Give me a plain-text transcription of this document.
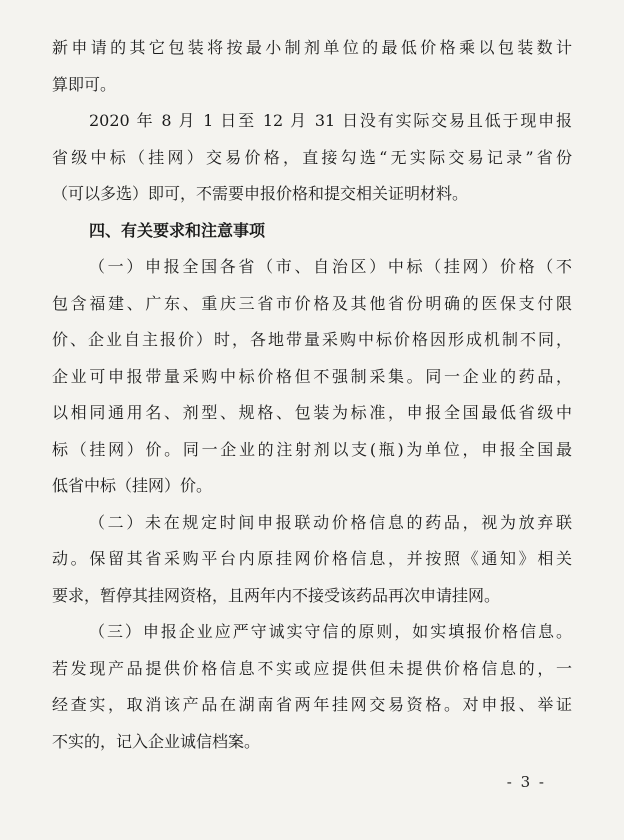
新申请的其它包装将按最小制剂单位的最低价格乘以包装数计
算即可。
2020 年 8 月 1 日至 12 月 31 日没有实际交易且低于现申报
省级中标（挂网）交易价格，直接勾选“无实际交易记录”省份
（可以多选）即可，不需要申报价格和提交相关证明材料。
四、有关要求和注意事项
（一）申报全国各省（市、自治区）中标（挂网）价格（不
包含福建、广东、重庆三省市价格及其他省份明确的医保支付限
价、企业自主报价）时，各地带量采购中标价格因形成机制不同，
企业可申报带量采购中标价格但不强制采集。同一企业的药品，
以相同通用名、剂型、规格、包装为标准，申报全国最低省级中
标（挂网）价。同一企业的注射剂以支(瓶)为单位，申报全国最
低省中标（挂网）价。
（二）未在规定时间申报联动价格信息的药品，视为放弃联
动。保留其省采购平台内原挂网价格信息，并按照《通知》相关
要求，暂停其挂网资格，且两年内不接受该药品再次申请挂网。
（三）申报企业应严守诚实守信的原则，如实填报价格信息。
若发现产品提供价格信息不实或应提供但未提供价格信息的，一
经查实，取消该产品在湖南省两年挂网交易资格。对申报、举证
不实的，记入企业诚信档案。
- 3 -
